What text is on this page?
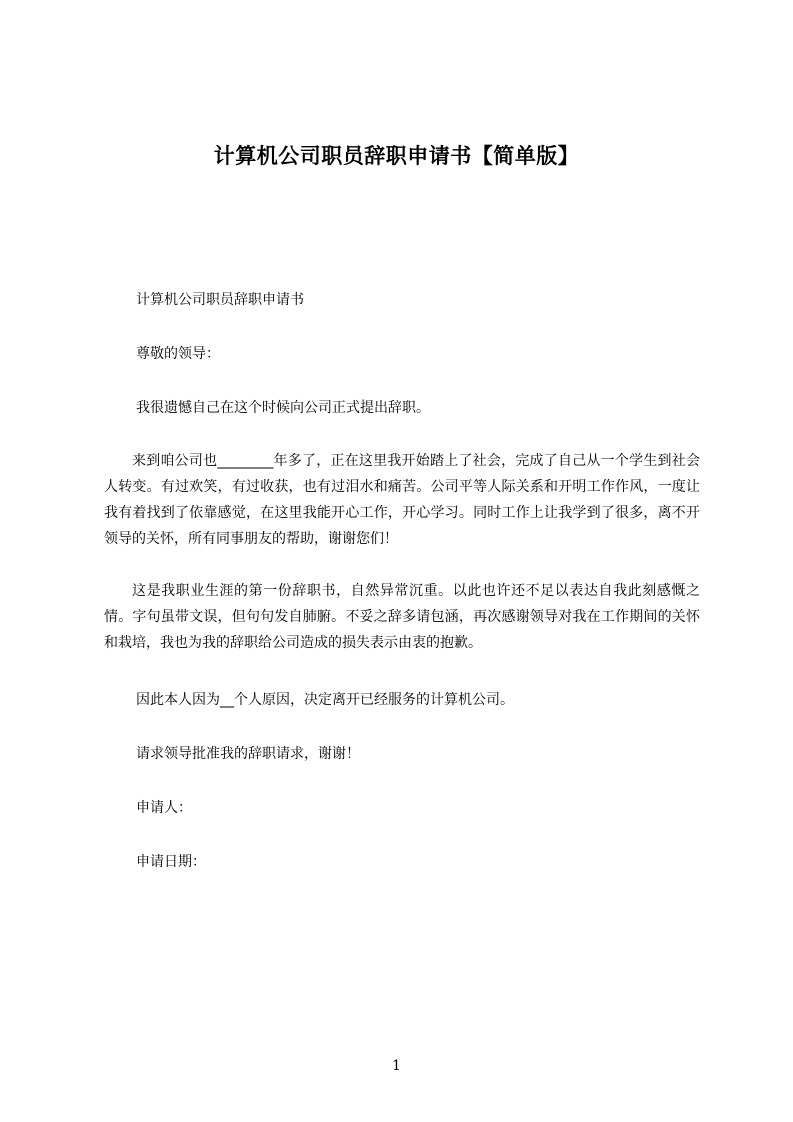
计算机公司职员辞职申请书【简单版】
计算机公司职员辞职申请书
尊敬的领导：
我很遗憾自己在这个时候向公司正式提出辞职。
来到咱公司也________年多了，正在这里我开始踏上了社会，完成了自己从一个学生到社会人转变。有过欢笑，有过收获，也有过泪水和痛苦。公司平等人际关系和开明工作作风，一度让我有着找到了依靠感觉，在这里我能开心工作，开心学习。同时工作上让我学到了很多，离不开领导的关怀，所有同事朋友的帮助，谢谢您们！
这是我职业生涯的第一份辞职书，自然异常沉重。以此也许还不足以表达自我此刻感慨之情。字句虽带文误，但句句发自肺腑。不妥之辞多请包涵，再次感谢领导对我在工作期间的关怀和栽培，我也为我的辞职给公司造成的损失表示由衷的抱歉。
因此本人因为__个人原因，决定离开已经服务的计算机公司。
请求领导批准我的辞职请求，谢谢！
申请人：
申请日期：
1
